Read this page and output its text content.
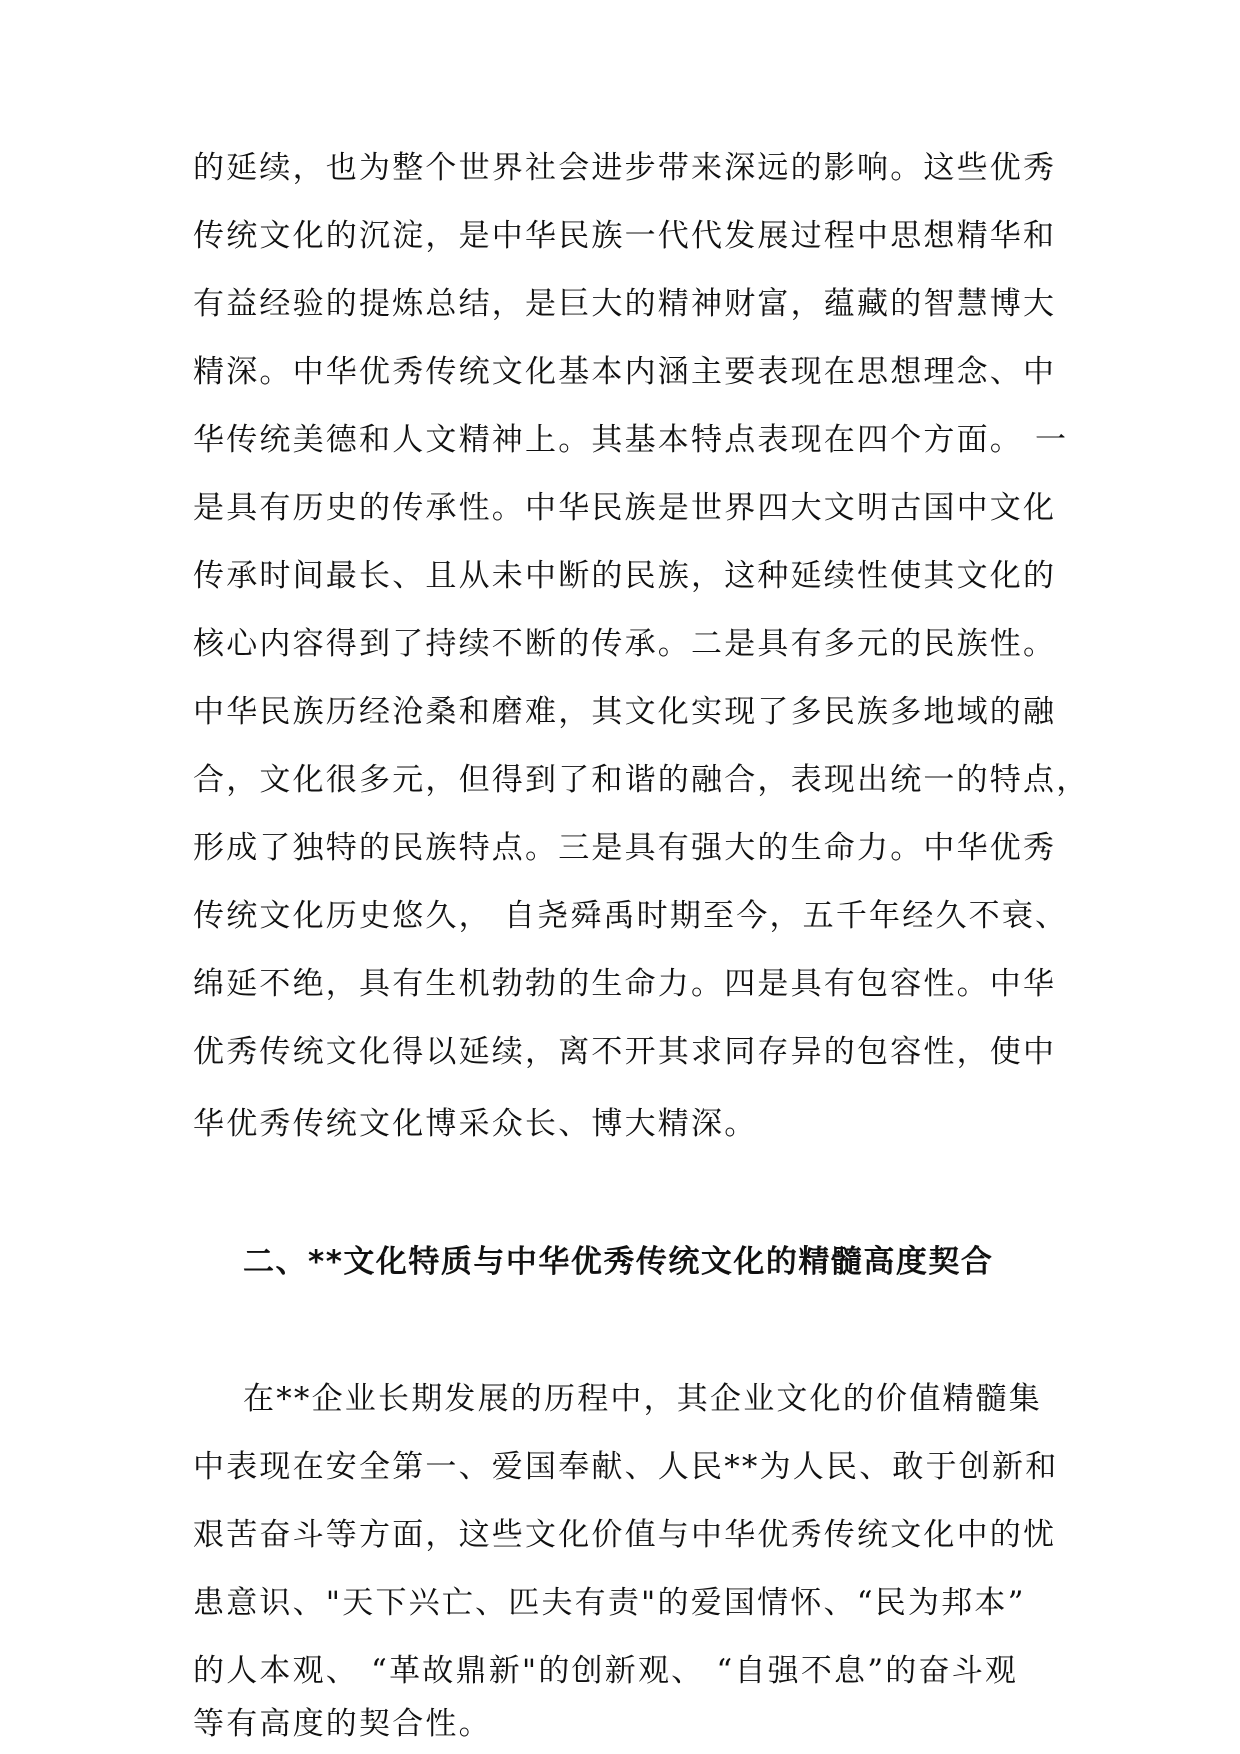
的延续，也为整个世界社会进步带来深远的影响。这些优秀
传统文化的沉淀，是中华民族一代代发展过程中思想精华和
有益经验的提炼总结，是巨大的精神财富，蕴藏的智慧博大
精深。中华优秀传统文化基本内涵主要表现在思想理念、中
华传统美德和人文精神上。其基本特点表现在四个方面。 一
是具有历史的传承性。中华民族是世界四大文明古国中文化
传承时间最长、且从未中断的民族，这种延续性使其文化的
核心内容得到了持续不断的传承。二是具有多元的民族性。
中华民族历经沧桑和磨难，其文化实现了多民族多地域的融
合，文化很多元，但得到了和谐的融合，表现出统一的特点，
形成了独特的民族特点。三是具有强大的生命力。中华优秀
传统文化历史悠久， 自尧舜禹时期至今，五千年经久不衰、
绵延不绝，具有生机勃勃的生命力。四是具有包容性。中华
优秀传统文化得以延续，离不开其求同存异的包容性，使中
华优秀传统文化博采众长、博大精深。
二、**文化特质与中华优秀传统文化的精髓高度契合
在**企业长期发展的历程中，其企业文化的价值精髓集
中表现在安全第一、爱国奉献、人民**为人民、敢于创新和
艰苦奋斗等方面，这些文化价值与中华优秀传统文化中的忧
患意识、"天下兴亡、匹夫有责"的爱国情怀、“民为邦本”
的人本观、 “革故鼎新"的创新观、 “自强不息”的奋斗观
等有高度的契合性。
